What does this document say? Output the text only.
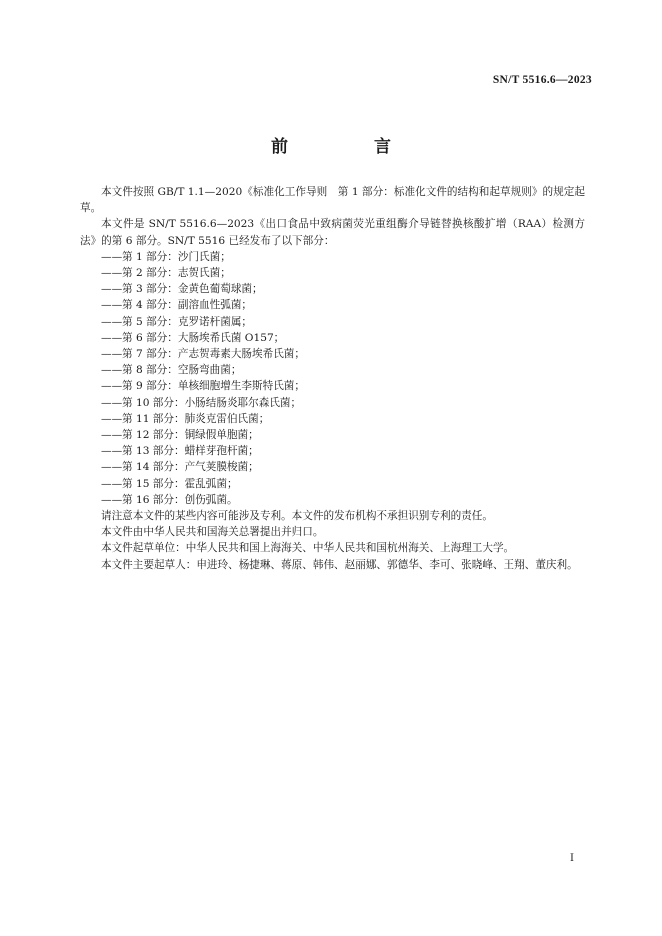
SN/T 5516.6—2023
前 言

本文件按照 GB/T 1.1—2020《标准化工作导则　第 1 部分：标准化文件的结构和起草规则》的规定起草。

本文件是 SN/T 5516.6—2023《出口食品中致病菌荧光重组酶介导链替换核酸扩增（RAA）检测方法》的第 6 部分。SN/T 5516 已经发布了以下部分：

——第 1 部分：沙门氏菌；

——第 2 部分：志贺氏菌；

——第 3 部分：金黄色葡萄球菌；

——第 4 部分：副溶血性弧菌；

——第 5 部分：克罗诺杆菌属；

——第 6 部分：大肠埃希氏菌 O157；

——第 7 部分：产志贺毒素大肠埃希氏菌；

——第 8 部分：空肠弯曲菌；

——第 9 部分：单核细胞增生李斯特氏菌；

——第 10 部分：小肠结肠炎耶尔森氏菌；

——第 11 部分：肺炎克雷伯氏菌；

——第 12 部分：铜绿假单胞菌；

——第 13 部分：蜡样芽孢杆菌；

——第 14 部分：产气荚膜梭菌；

——第 15 部分：霍乱弧菌；

——第 16 部分：创伤弧菌。

请注意本文件的某些内容可能涉及专利。本文件的发布机构不承担识别专利的责任。

本文件由中华人民共和国海关总署提出并归口。

本文件起草单位：中华人民共和国上海海关、中华人民共和国杭州海关、上海理工大学。

本文件主要起草人：申进玲、杨捷琳、蒋原、韩伟、赵丽娜、郭德华、李可、张晓峰、王翔、董庆利。

I
